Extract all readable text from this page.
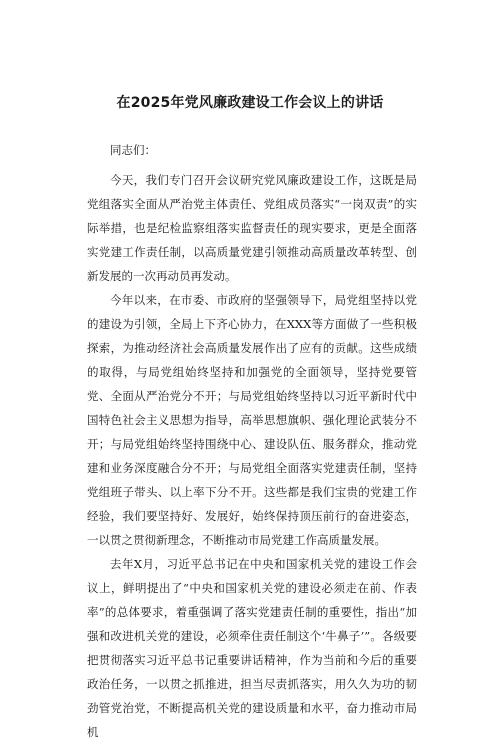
在2025年党风廉政建设工作会议上的讲话

同志们：

今天，我们专门召开会议研究党风廉政建设工作，这既是局党组落实全面从严治党主体责任、党组成员落实“一岗双责”的实际举措，也是纪检监察组落实监督责任的现实要求，更是全面落实党建工作责任制，以高质量党建引领推动高质量改革转型、创新发展的一次再动员再发动。

今年以来，在市委、市政府的坚强领导下，局党组坚持以党的建设为引领，全局上下齐心协力，在XXX等方面做了一些积极探索，为推动经济社会高质量发展作出了应有的贡献。这些成绩的取得，与局党组始终坚持和加强党的全面领导，坚持党要管党、全面从严治党分不开；与局党组始终坚持以习近平新时代中国特色社会主义思想为指导，高举思想旗帜、强化理论武装分不开；与局党组始终坚持围绕中心、建设队伍、服务群众，推动党建和业务深度融合分不开；与局党组全面落实党建责任制，坚持党组班子带头、以上率下分不开。这些都是我们宝贵的党建工作经验，我们要坚持好、发展好，始终保持顶压前行的奋进姿态，一以贯之贯彻新理念，不断推动市局党建工作高质量发展。

去年X月，习近平总书记在中央和国家机关党的建设工作会议上，鲜明提出了“中央和国家机关党的建设必须走在前、作表率”的总体要求，着重强调了落实党建责任制的重要性，指出“加强和改进机关党的建设，必须牵住责任制这个‘牛鼻子’”。各级要把贯彻落实习近平总书记重要讲话精神，作为当前和今后的重要政治任务，一以贯之抓推进，担当尽责抓落实，用久久为功的韧劲管党治党，不断提高机关党的建设质量和水平，奋力推动市局机
